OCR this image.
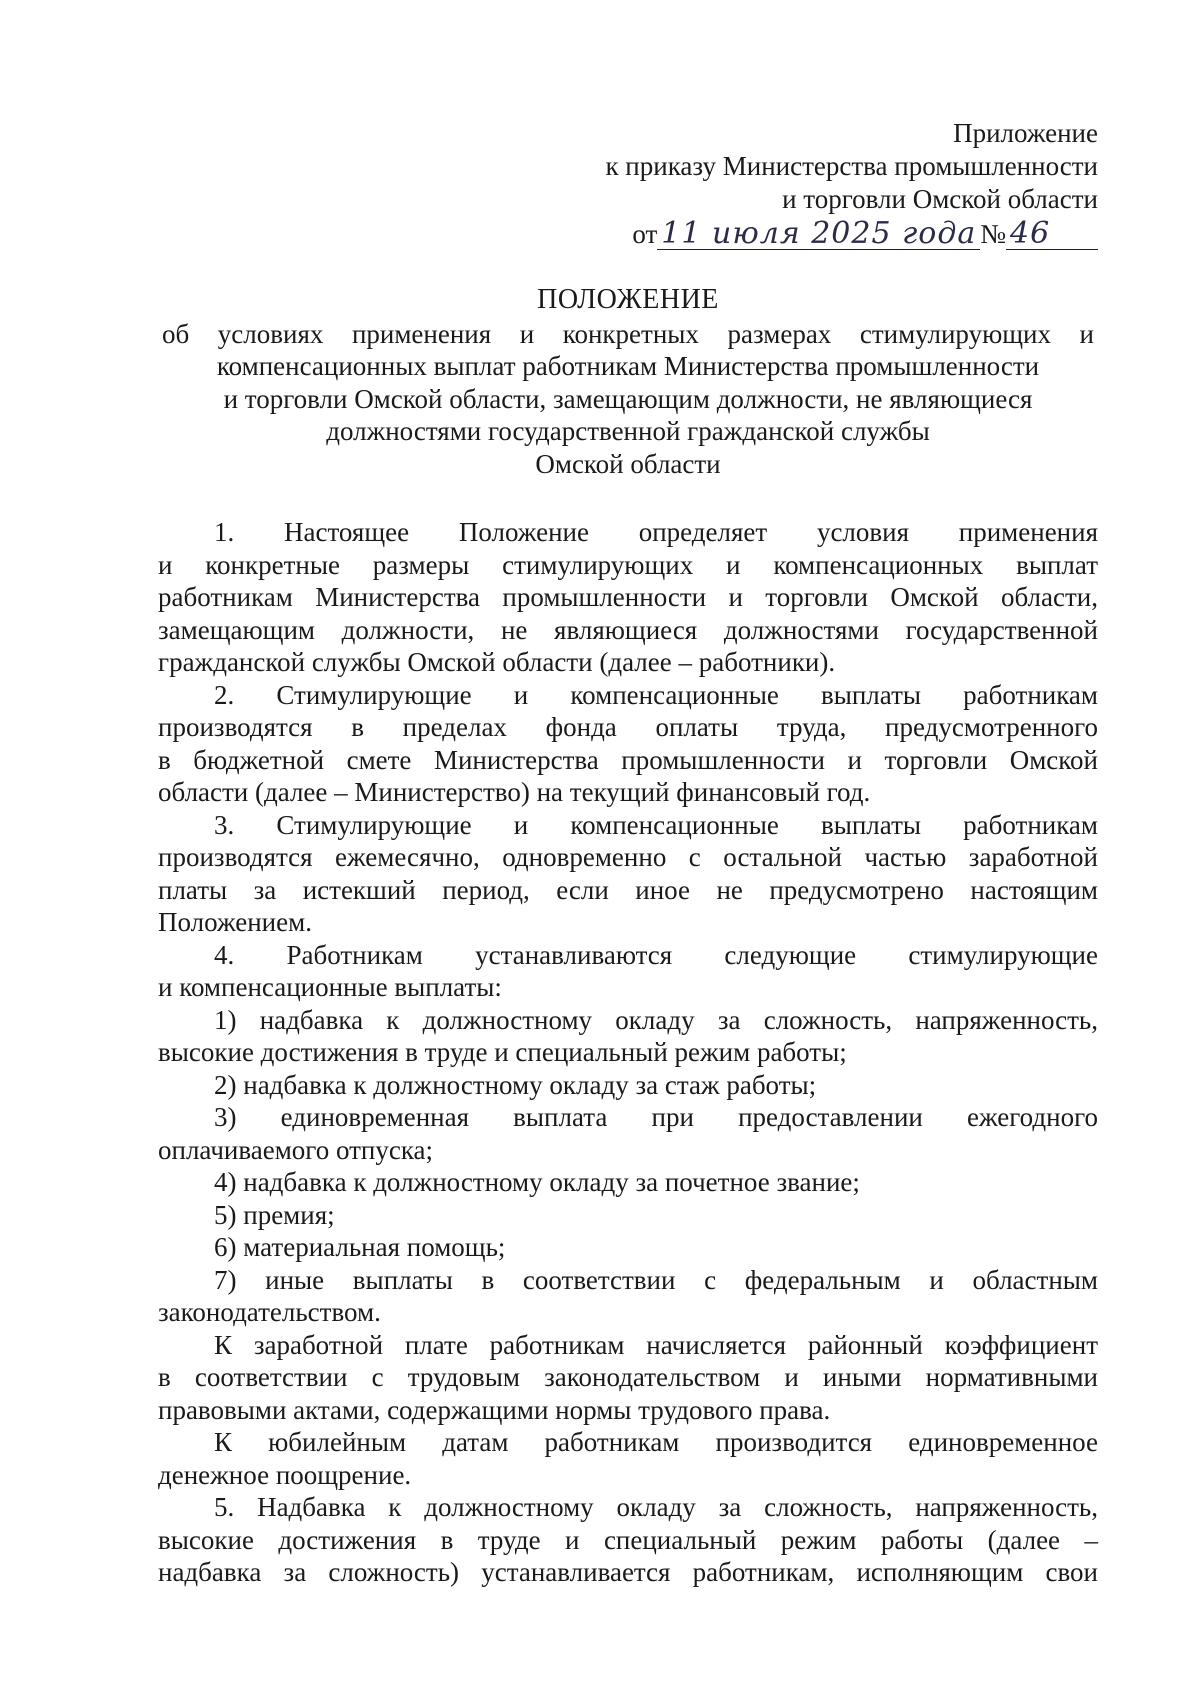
Приложение
к приказу Министерства промышленности
и торговли Омской области
от 11 июля 2025 года № 46
ПОЛОЖЕНИЕ
об условиях применения и конкретных размерах стимулирующих и
компенсационных выплат работникам Министерства промышленности
и торговли Омской области, замещающим должности, не являющиеся
должностями государственной гражданской службы
Омской области
1. Настоящее Положение определяет условия применения
и конкретные размеры стимулирующих и компенсационных выплат
работникам Министерства промышленности и торговли Омской области,
замещающим должности, не являющиеся должностями государственной
гражданской службы Омской области (далее – работники).
2. Стимулирующие и компенсационные выплаты работникам
производятся в пределах фонда оплаты труда, предусмотренного
в бюджетной смете Министерства промышленности и торговли Омской
области (далее – Министерство) на текущий финансовый год.
3. Стимулирующие и компенсационные выплаты работникам
производятся ежемесячно, одновременно с остальной частью заработной
платы за истекший период, если иное не предусмотрено настоящим
Положением.
4. Работникам устанавливаются следующие стимулирующие
и компенсационные выплаты:
1) надбавка к должностному окладу за сложность, напряженность,
высокие достижения в труде и специальный режим работы;
2) надбавка к должностному окладу за стаж работы;
3) единовременная выплата при предоставлении ежегодного
оплачиваемого отпуска;
4) надбавка к должностному окладу за почетное звание;
5) премия;
6) материальная помощь;
7) иные выплаты в соответствии с федеральным и областным
законодательством.
К заработной плате работникам начисляется районный коэффициент
в соответствии с трудовым законодательством и иными нормативными
правовыми актами, содержащими нормы трудового права.
К юбилейным датам работникам производится единовременное
денежное поощрение.
5. Надбавка к должностному окладу за сложность, напряженность,
высокие достижения в труде и специальный режим работы (далее –
надбавка за сложность) устанавливается работникам, исполняющим свои
